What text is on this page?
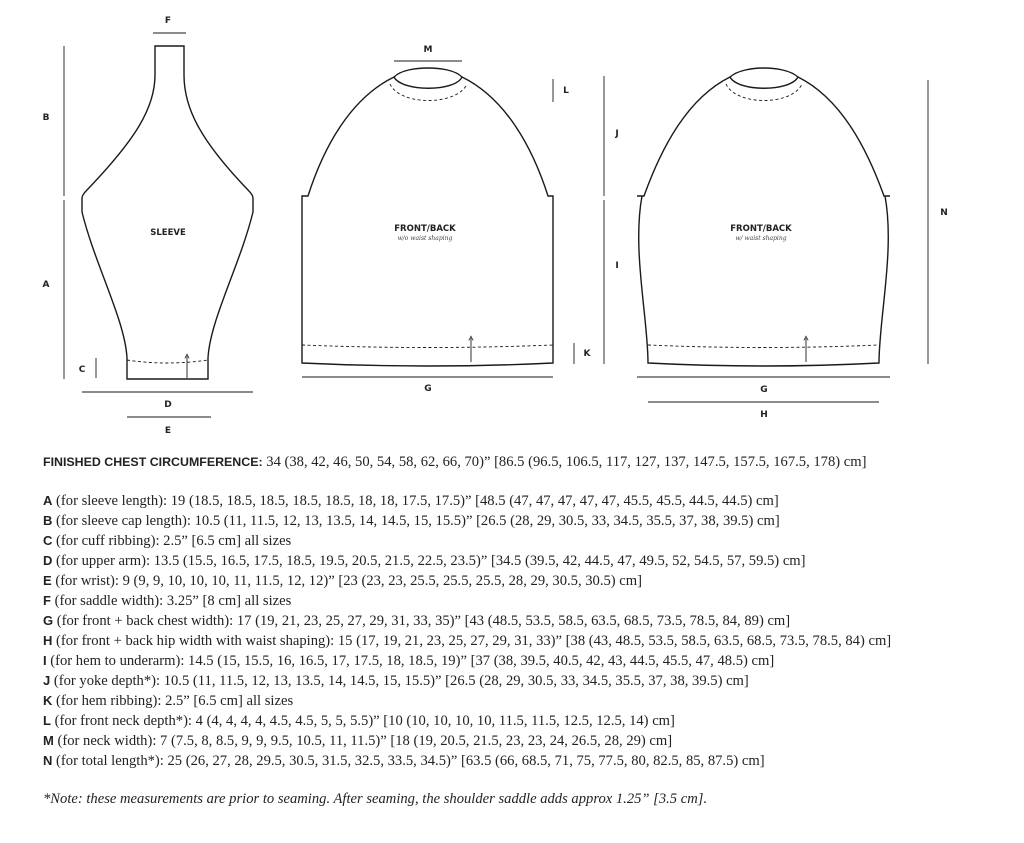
SLEEVE
F
B
A
C
D
E
FRONT/BACK
w/o waist shaping
M
L
K
G
J
I
FRONT/BACK
w/ waist shaping
N
G
H
FINISHED CHEST CIRCUMFERENCE: 34 (38, 42, 46, 50, 54, 58, 62, 66, 70)” [86.5 (96.5, 106.5, 117, 127, 137, 147.5, 157.5, 167.5, 178) cm]
A (for sleeve length): 19 (18.5, 18.5, 18.5, 18.5, 18.5, 18, 18, 17.5, 17.5)” [48.5 (47, 47, 47, 47, 47, 45.5, 45.5, 44.5, 44.5) cm]
B (for sleeve cap length): 10.5 (11, 11.5, 12, 13, 13.5, 14, 14.5, 15, 15.5)” [26.5 (28, 29, 30.5, 33, 34.5, 35.5, 37, 38, 39.5) cm]
C (for cuff ribbing): 2.5” [6.5 cm] all sizes
D (for upper arm): 13.5 (15.5, 16.5, 17.5, 18.5, 19.5, 20.5, 21.5, 22.5, 23.5)” [34.5 (39.5, 42, 44.5, 47, 49.5, 52, 54.5, 57, 59.5) cm]
E (for wrist): 9 (9, 9, 10, 10, 10, 11, 11.5, 12, 12)” [23 (23, 23, 25.5, 25.5, 25.5, 28, 29, 30.5, 30.5) cm]
F (for saddle width): 3.25” [8 cm] all sizes
G (for front + back chest width): 17 (19, 21, 23, 25, 27, 29, 31, 33, 35)” [43 (48.5, 53.5, 58.5, 63.5, 68.5, 73.5, 78.5, 84, 89) cm]
H (for front + back hip width with waist shaping): 15 (17, 19, 21, 23, 25, 27, 29, 31, 33)” [38 (43, 48.5, 53.5, 58.5, 63.5, 68.5, 73.5, 78.5, 84) cm]
I (for hem to underarm): 14.5 (15, 15.5, 16, 16.5, 17, 17.5, 18, 18.5, 19)” [37 (38, 39.5, 40.5, 42, 43, 44.5, 45.5, 47, 48.5) cm]
J (for yoke depth*): 10.5 (11, 11.5, 12, 13, 13.5, 14, 14.5, 15, 15.5)” [26.5 (28, 29, 30.5, 33, 34.5, 35.5, 37, 38, 39.5) cm]
K (for hem ribbing): 2.5” [6.5 cm] all sizes
L (for front neck depth*): 4 (4, 4, 4, 4, 4.5, 4.5, 5, 5, 5.5)” [10 (10, 10, 10, 10, 11.5, 11.5, 12.5, 12.5, 14) cm]
M (for neck width): 7 (7.5, 8, 8.5, 9, 9, 9.5, 10.5, 11, 11.5)” [18 (19, 20.5, 21.5, 23, 23, 24, 26.5, 28, 29) cm]
N (for total length*): 25 (26, 27, 28, 29.5, 30.5, 31.5, 32.5, 33.5, 34.5)” [63.5 (66, 68.5, 71, 75, 77.5, 80, 82.5, 85, 87.5) cm]
*Note: these measurements are prior to seaming. After seaming, the shoulder saddle adds approx 1.25” [3.5 cm].
